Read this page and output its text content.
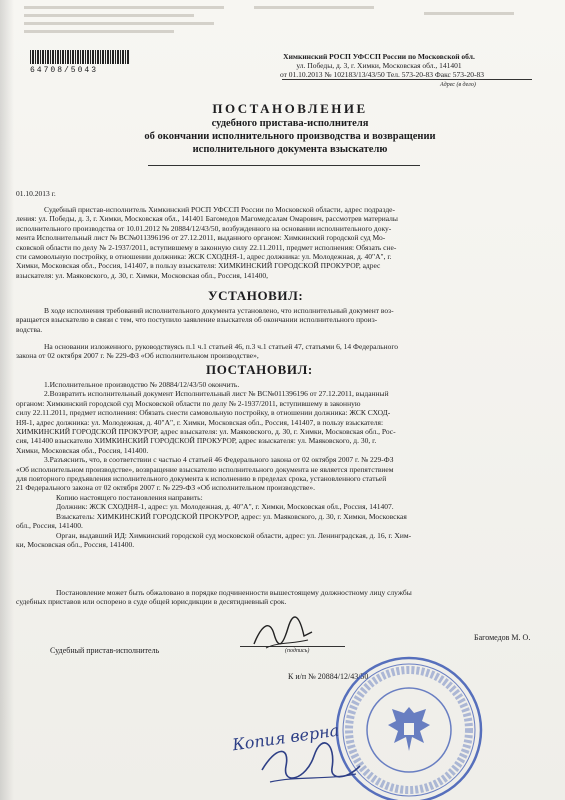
64708/5043
Химкинский РОСП УФССП России по Московской обл.
ул. Победы, д. 3, г. Химки, Московская обл., 141401
от 01.10.2013 № 102183/13/43/50 Тел. 573-20-83 Факс 573-20-83
Адрес (в дело)
ПОСТАНОВЛЕНИЕ
судебного пристава-исполнителя
об окончании исполнительного производства и возвращении
исполнительного документа взыскателю
01.10.2013 г.
Судебный пристав-исполнитель Химкинский РОСП УФССП России по Московской области, адрес подразде-
ления: ул. Победы, д. 3, г. Химки, Московская обл., 141401 Багомедов Магомедсалам Омарович, рассмотрев материалы
исполнительного производства от 10.01.2012 № 20884/12/43/50, возбужденного на основании исполнительного доку-
мента Исполнительный лист № ВС№011396196 от 27.12.2011, выданного органом: Химкинский городской суд Мо-
сковской области по делу № 2-1937/2011, вступившему в законную силу 22.11.2011, предмет исполнения: Обязать сне-
сти самовольную постройку, в отношении должника: ЖСК СХОДНЯ-1, адрес должника: ул. Молодежная, д. 40"А", г.
Химки, Московская обл., Россия, 141407, в пользу взыскателя: ХИМКИНСКИЙ ГОРОДСКОЙ ПРОКУРОР, адрес
взыскателя: ул. Маяковского, д. 30, г. Химки, Московская обл., Россия, 141400,
УСТАНОВИЛ:
В ходе исполнения требований исполнительного документа установлено, что исполнительный документ воз-
вращается взыскателю в связи с тем, что поступило заявление взыскателя об окончании исполнительного произ-
водства.
На основании изложенного, руководствуясь п.1 ч.1 статьей 46, п.3 ч.1 статьей 47, статьями 6, 14 Федерального
закона от 02 октября 2007 г. № 229-ФЗ «Об исполнительном производстве»,
ПОСТАНОВИЛ:
1.Исполнительное производство № 20884/12/43/50 окончить.
2.Возвратить исполнительный документ Исполнительный лист № ВС№011396196 от 27.12.2011, выданный
органом: Химкинский городской суд Московской области по делу № 2-1937/2011, вступившему в законную
силу 22.11.2011, предмет исполнения: Обязать снести самовольную постройку, в отношении должника: ЖСК СХОД-
НЯ-1, адрес должника: ул. Молодежная, д. 40"А", г. Химки, Московская обл., Россия, 141407, в пользу взыскателя:
ХИМКИНСКИЙ ГОРОДСКОЙ ПРОКУРОР, адрес взыскателя: ул. Маяковского, д. 30, г. Химки, Московская обл., Рос-
сия, 141400 взыскателю ХИМКИНСКИЙ ГОРОДСКОЙ ПРОКУРОР, адрес взыскателя: ул. Маяковского, д. 30, г.
Химки, Московская обл., Россия, 141400.
3.Разъяснить, что, в соответствии с частью 4 статьей 46 Федерального закона от 02 октября 2007 г. № 229-ФЗ
«Об исполнительном производстве», возвращение взыскателю исполнительного документа не является препятствием
для повторного предъявления исполнительного документа к исполнению в пределах срока, установленного статьей
21 Федерального закона от 02 октября 2007 г. № 229-ФЗ «Об исполнительном производстве».
Копию настоящего постановления направить:
Должник: ЖСК СХОДНЯ-1, адрес: ул. Молодежная, д. 40"А", г. Химки, Московская обл., Россия, 141407.
Взыскатель: ХИМКИНСКИЙ ГОРОДСКОЙ ПРОКУРОР, адрес: ул. Маяковского, д. 30, г. Химки, Московская
обл., Россия, 141400.
Орган, выдавший ИД: Химкинский городской суд московской области, адрес: ул. Ленинградская, д. 16, г. Хим-
ки, Московская обл., Россия, 141400.
Постановление может быть обжаловано в порядке подчиненности вышестоящему должностному лицу службы
судебных приставов или оспорено в суде общей юрисдикции в десятидневный срок.
Судебный пристав-исполнитель	(подпись)
Багомедов М. О.
К и/п № 20884/12/43/50
Копия верна
